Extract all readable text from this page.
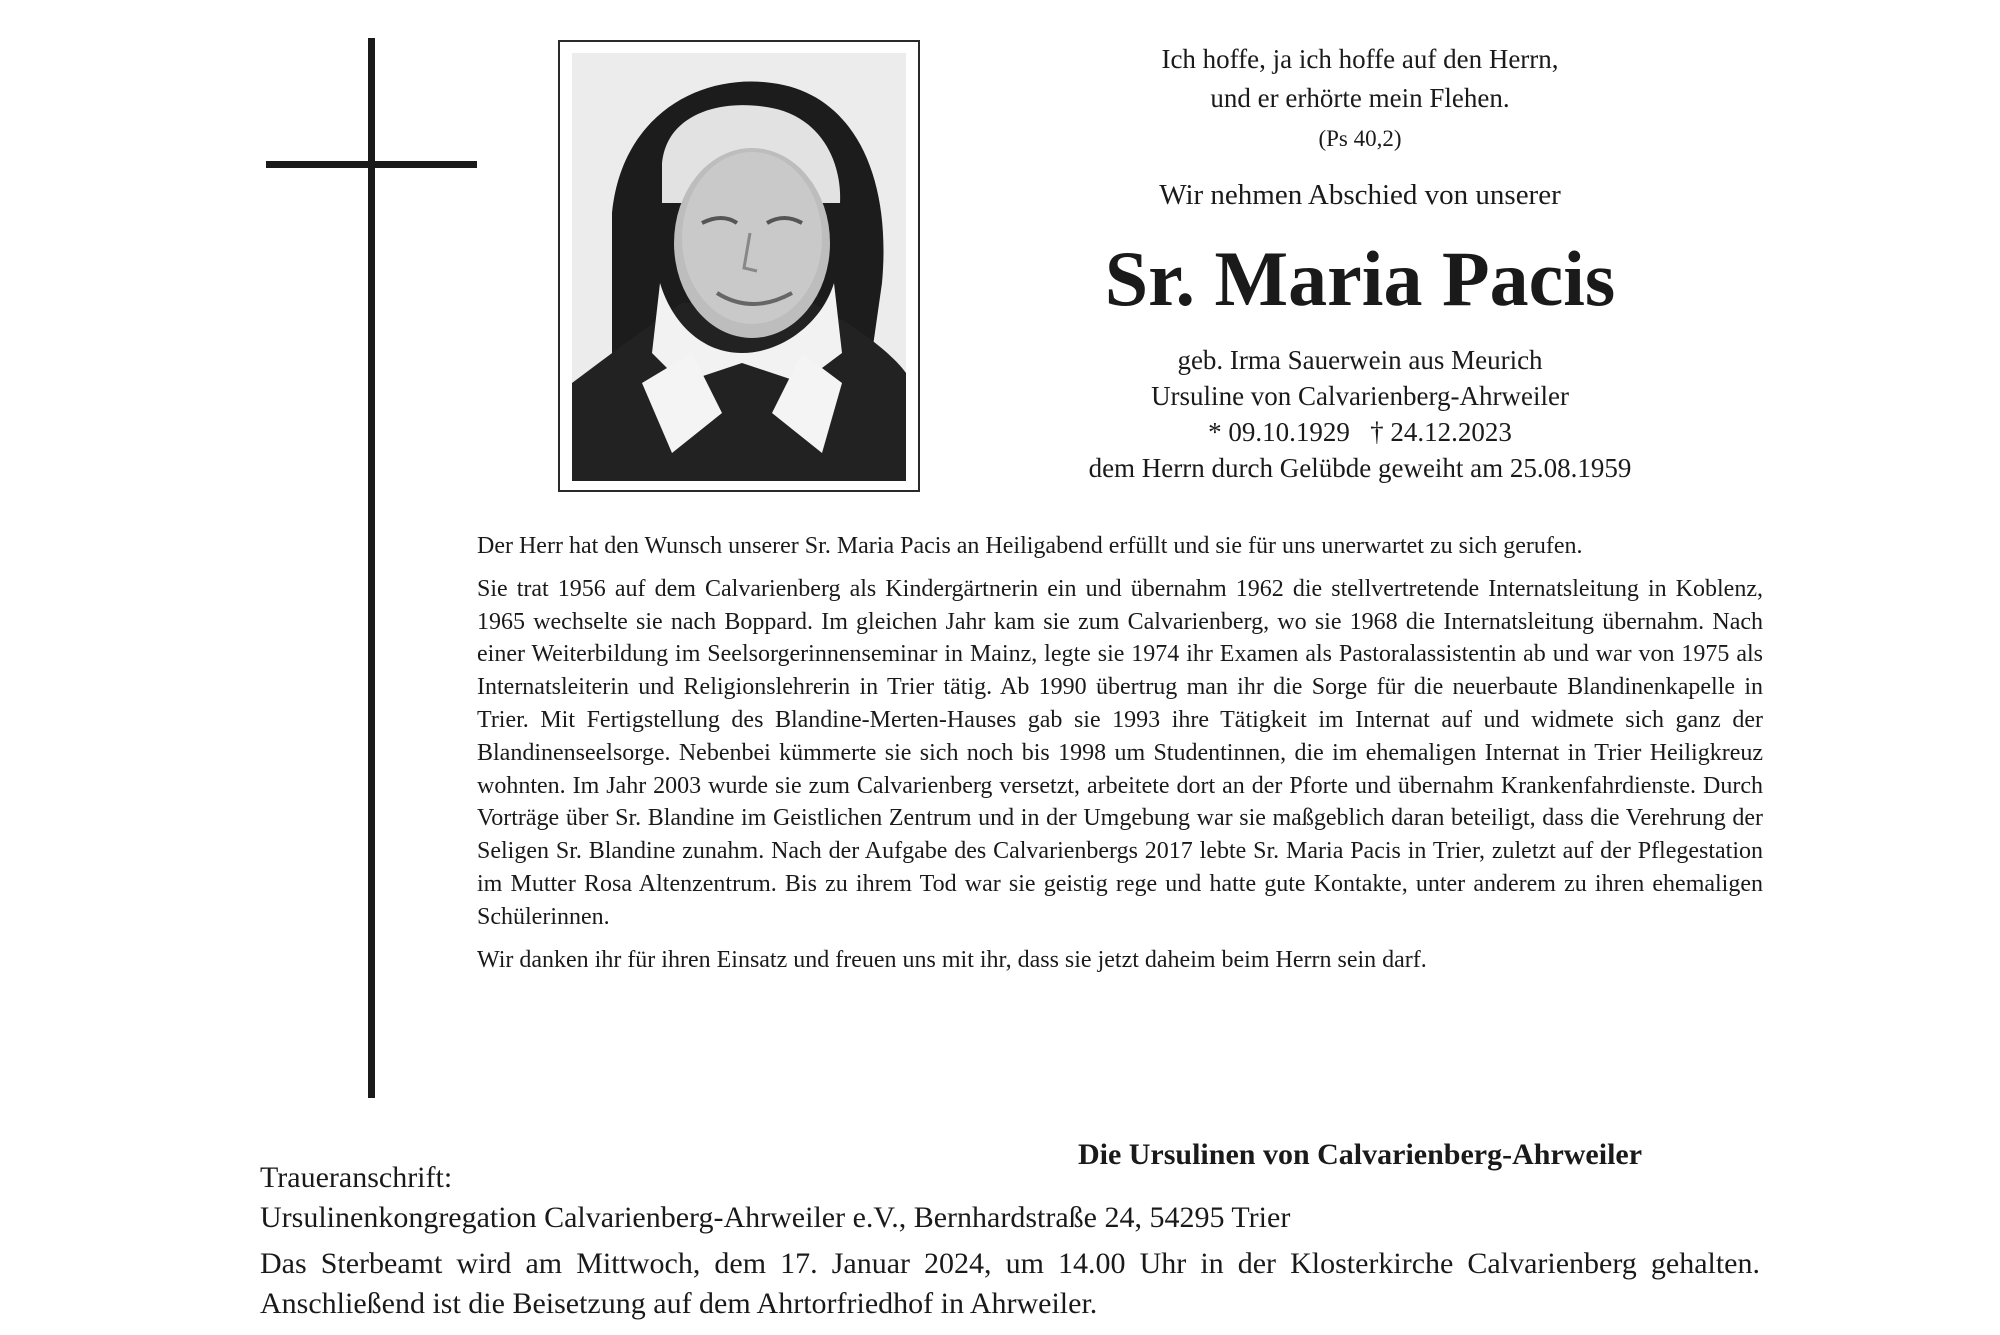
Ich hoffe, ja ich hoffe auf den Herrn,
und er erhörte mein Flehen.
(Ps 40,2)
Wir nehmen Abschied von unserer
Sr. Maria Pacis
geb. Irma Sauerwein aus Meurich
Ursuline von Calvarienberg-Ahrweiler
* 09.10.1929   † 24.12.2023
dem Herrn durch Gelübde geweiht am 25.08.1959

Der Herr hat den Wunsch unserer Sr. Maria Pacis an Heiligabend erfüllt und sie für uns unerwartet zu sich gerufen.

Sie trat 1956 auf dem Calvarienberg als Kindergärtnerin ein und übernahm 1962 die stellvertretende Internatsleitung in Koblenz, 1965 wechselte sie nach Boppard. Im gleichen Jahr kam sie zum Calvarienberg, wo sie 1968 die Internatsleitung übernahm. Nach einer Weiterbildung im Seelsorgerinnenseminar in Mainz, legte sie 1974 ihr Examen als Pastoralassistentin ab und war von 1975 als Internatsleiterin und Religionslehrerin in Trier tätig. Ab 1990 übertrug man ihr die Sorge für die neuerbaute Blandinenkapelle in Trier. Mit Fertigstellung des Blandine-Merten-Hauses gab sie 1993 ihre Tätigkeit im Internat auf und widmete sich ganz der Blandinenseelsorge. Nebenbei kümmerte sie sich noch bis 1998 um Studentinnen, die im ehemaligen Internat in Trier Heiligkreuz wohnten. Im Jahr 2003 wurde sie zum Calvarienberg versetzt, arbeitete dort an der Pforte und übernahm Krankenfahrdienste. Durch Vorträge über Sr. Blandine im Geistlichen Zentrum und in der Umgebung war sie maßgeblich daran beteiligt, dass die Verehrung der Seligen Sr. Blandine zunahm. Nach der Aufgabe des Calvarienbergs 2017 lebte Sr. Maria Pacis in Trier, zuletzt auf der Pflegestation im Mutter Rosa Altenzentrum. Bis zu ihrem Tod war sie geistig rege und hatte gute Kontakte, unter anderem zu ihren ehemaligen Schülerinnen.

Wir danken ihr für ihren Einsatz und freuen uns mit ihr, dass sie jetzt daheim beim Herrn sein darf.

Die Ursulinen von Calvarienberg-Ahrweiler

Traueranschrift:

Ursulinenkongregation Calvarienberg-Ahrweiler e.V., Bernhardstraße 24, 54295 Trier

Das Sterbeamt wird am Mittwoch, dem 17. Januar 2024, um 14.00 Uhr in der Klosterkirche Calvarienberg gehalten. Anschließend ist die Beisetzung auf dem Ahrtorfriedhof in Ahrweiler.
